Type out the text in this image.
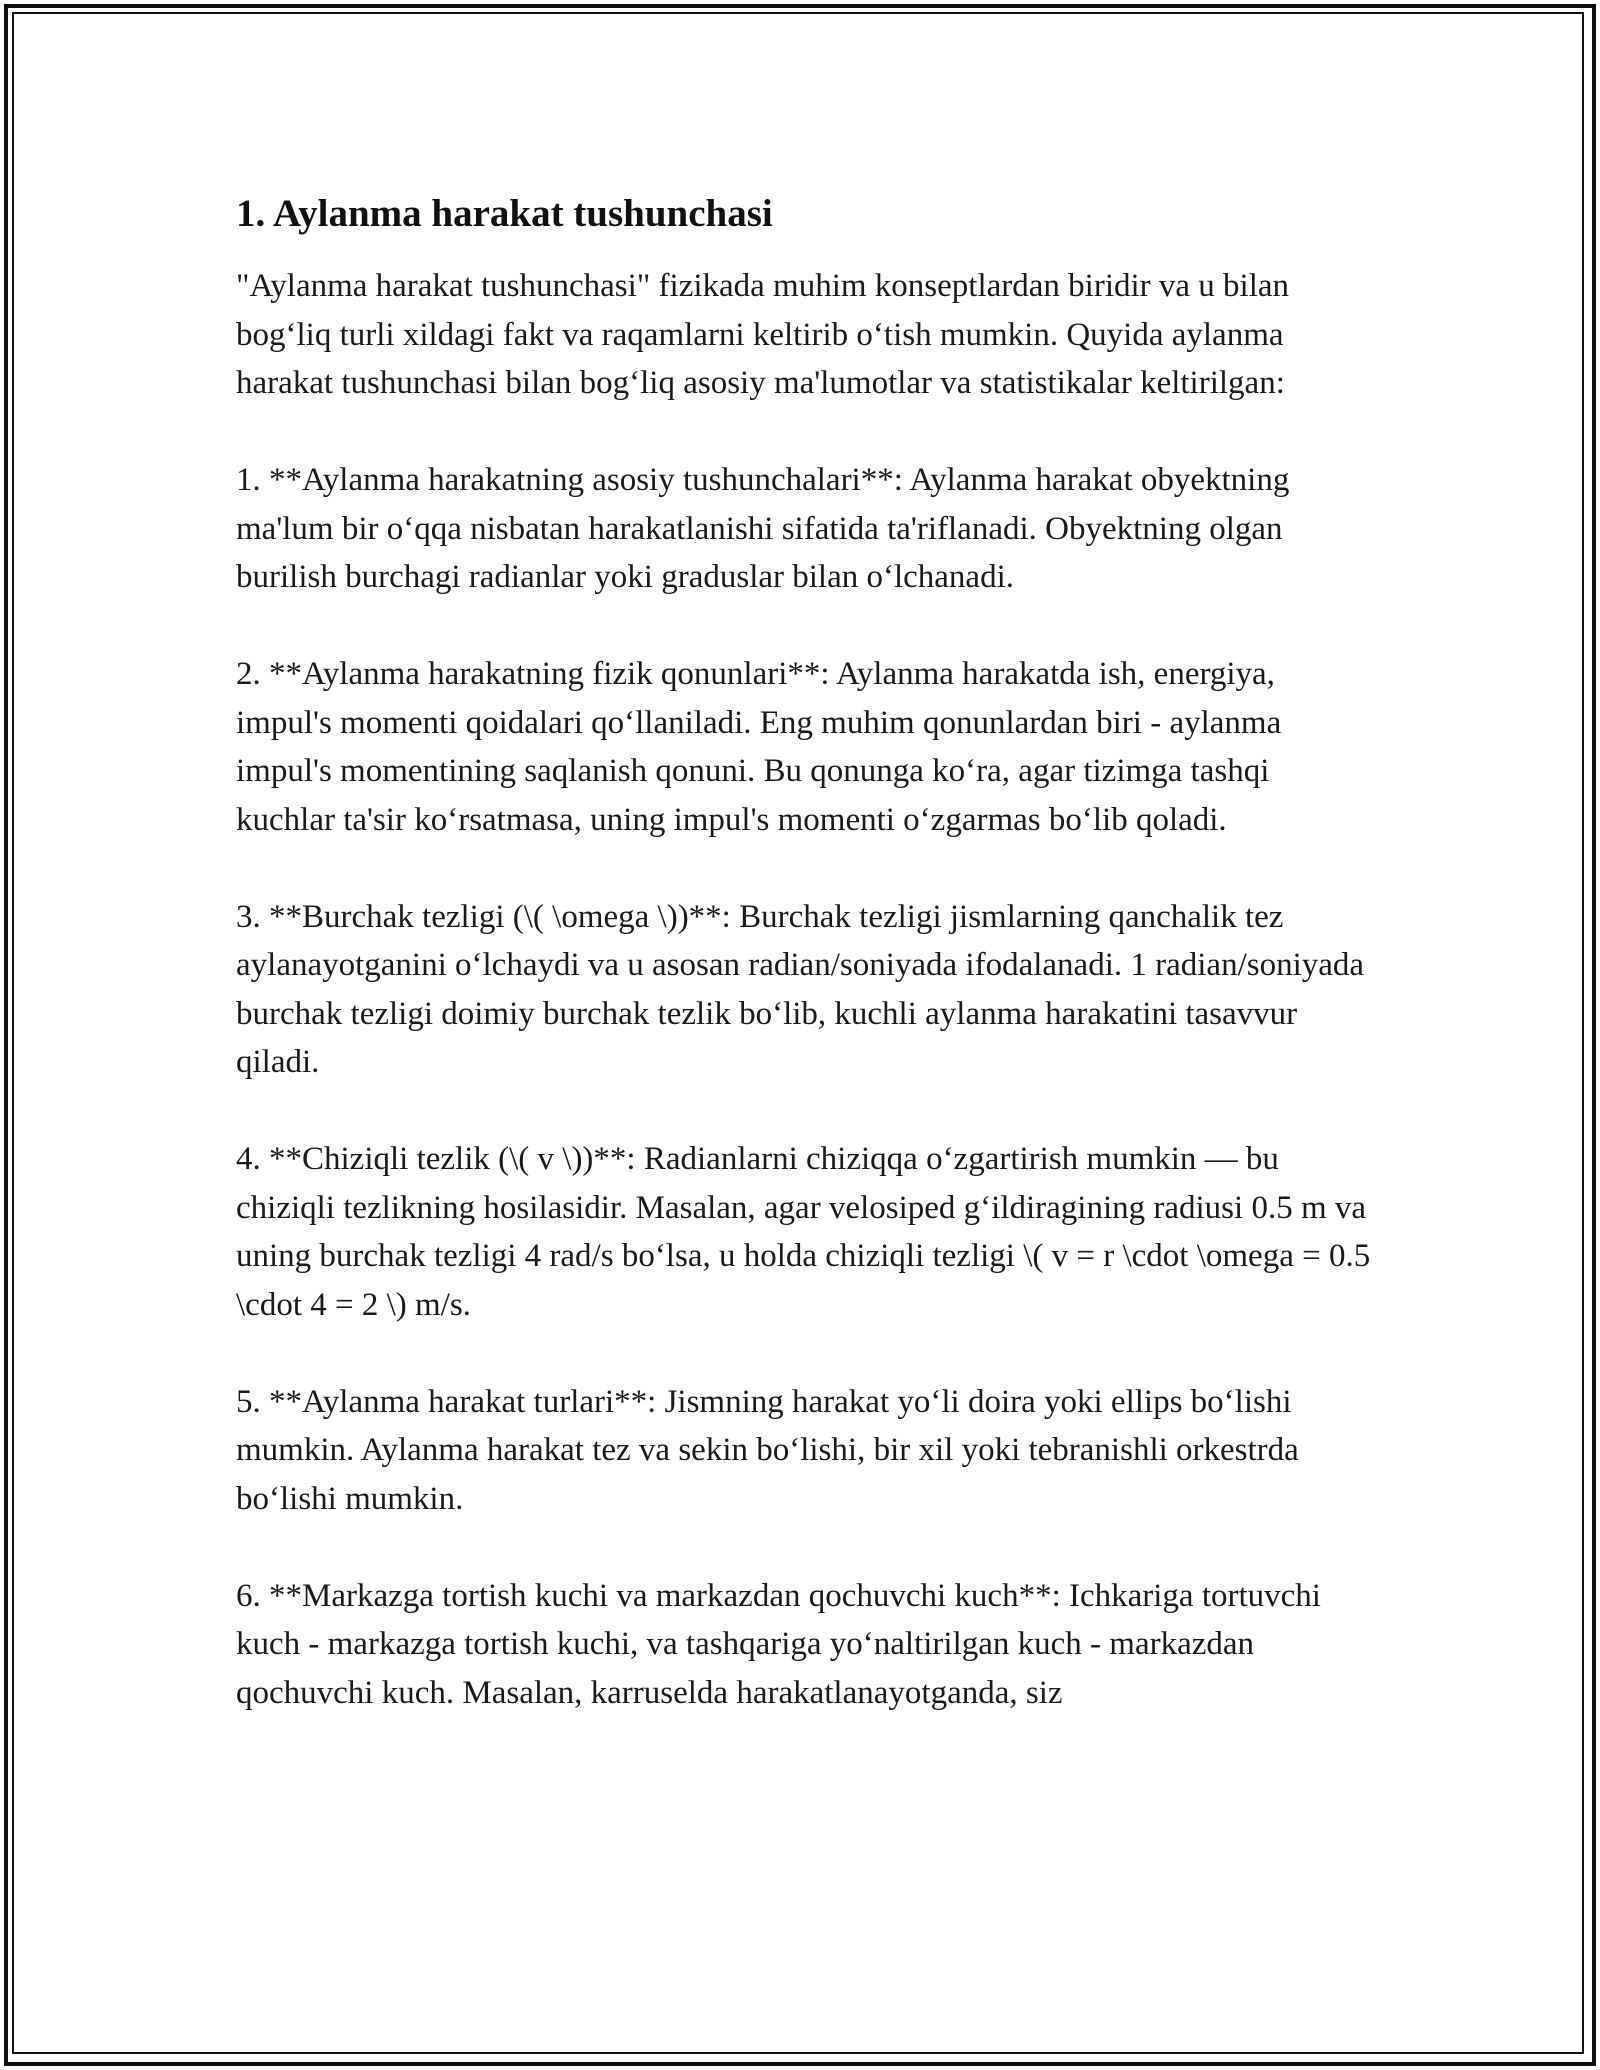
1. Aylanma harakat tushunchasi

"Aylanma harakat tushunchasi" fizikada muhim konseptlardan biridir va u bilan bog‘liq turli xildagi fakt va raqamlarni keltirib o‘tish mumkin. Quyida aylanma harakat tushunchasi bilan bog‘liq asosiy ma'lumotlar va statistikalar keltirilgan:

1. **Aylanma harakatning asosiy tushunchalari**: Aylanma harakat obyektning ma'lum bir o‘qqa nisbatan harakatlanishi sifatida ta'riflanadi. Obyektning olgan burilish burchagi radianlar yoki graduslar bilan o‘lchanadi.

2. **Aylanma harakatning fizik qonunlari**: Aylanma harakatda ish, energiya, impul's momenti qoidalari qo‘llaniladi. Eng muhim qonunlardan biri - aylanma impul's momentining saqlanish qonuni. Bu qonunga ko‘ra, agar tizimga tashqi kuchlar ta'sir ko‘rsatmasa, uning impul's momenti o‘zgarmas bo‘lib qoladi.

3. **Burchak tezligi (\( \omega \))**: Burchak tezligi jismlarning qanchalik tez aylanayotganini o‘lchaydi va u asosan radian/soniyada ifodalanadi. 1 radian/soniyada burchak tezligi doimiy burchak tezlik bo‘lib, kuchli aylanma harakatini tasavvur qiladi.

4. **Chiziqli tezlik (\( v \))**: Radianlarni chiziqqa o‘zgartirish mumkin — bu chiziqli tezlikning hosilasidir. Masalan, agar velosiped g‘ildiragining radiusi 0.5 m va uning burchak tezligi 4 rad/s bo‘lsa, u holda chiziqli tezligi \( v = r \cdot \omega = 0.5 \cdot 4 = 2 \) m/s.

5. **Aylanma harakat turlari**: Jismning harakat yo‘li doira yoki ellips bo‘lishi mumkin. Aylanma harakat tez va sekin bo‘lishi, bir xil yoki tebranishli orkestrda bo‘lishi mumkin.

6. **Markazga tortish kuchi va markazdan qochuvchi kuch**: Ichkariga tortuvchi kuch - markazga tortish kuchi, va tashqariga yo‘naltirilgan kuch - markazdan qochuvchi kuch. Masalan, karruselda harakatlanayotganda, siz
